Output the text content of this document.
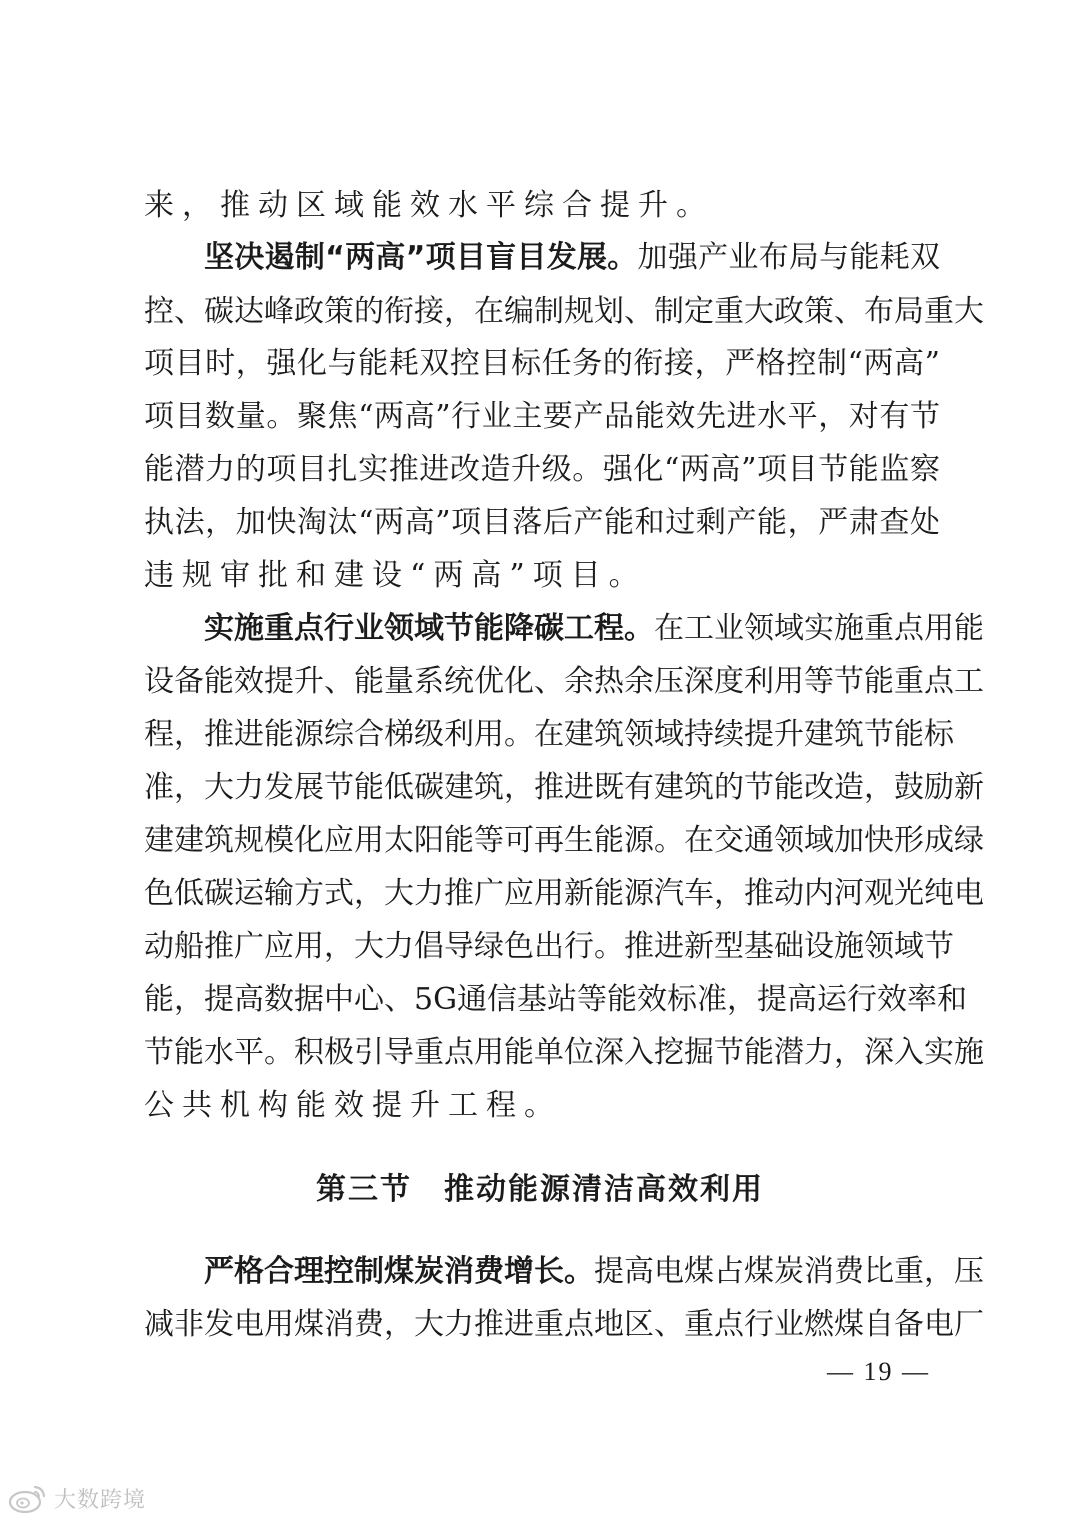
来，推动区域能效水平综合提升。
坚决遏制“两高”项目盲目发展。加强产业布局与能耗双
控、碳达峰政策的衔接，在编制规划、制定重大政策、布局重大
项目时，强化与能耗双控目标任务的衔接，严格控制“两高”
项目数量。聚焦“两高”行业主要产品能效先进水平，对有节
能潜力的项目扎实推进改造升级。强化“两高”项目节能监察
执法，加快淘汰“两高”项目落后产能和过剩产能，严肃查处
违规审批和建设“两高”项目。
实施重点行业领域节能降碳工程。在工业领域实施重点用能
设备能效提升、能量系统优化、余热余压深度利用等节能重点工
程，推进能源综合梯级利用。在建筑领域持续提升建筑节能标
准，大力发展节能低碳建筑，推进既有建筑的节能改造，鼓励新
建建筑规模化应用太阳能等可再生能源。在交通领域加快形成绿
色低碳运输方式，大力推广应用新能源汽车，推动内河观光纯电
动船推广应用，大力倡导绿色出行。推进新型基础设施领域节
能，提高数据中心、5G通信基站等能效标准，提高运行效率和
节能水平。积极引导重点用能单位深入挖掘节能潜力，深入实施
公共机构能效提升工程。
第三节　推动能源清洁高效利用
严格合理控制煤炭消费增长。提高电煤占煤炭消费比重，压
减非发电用煤消费，大力推进重点地区、重点行业燃煤自备电厂
— 19 —
大数跨境
